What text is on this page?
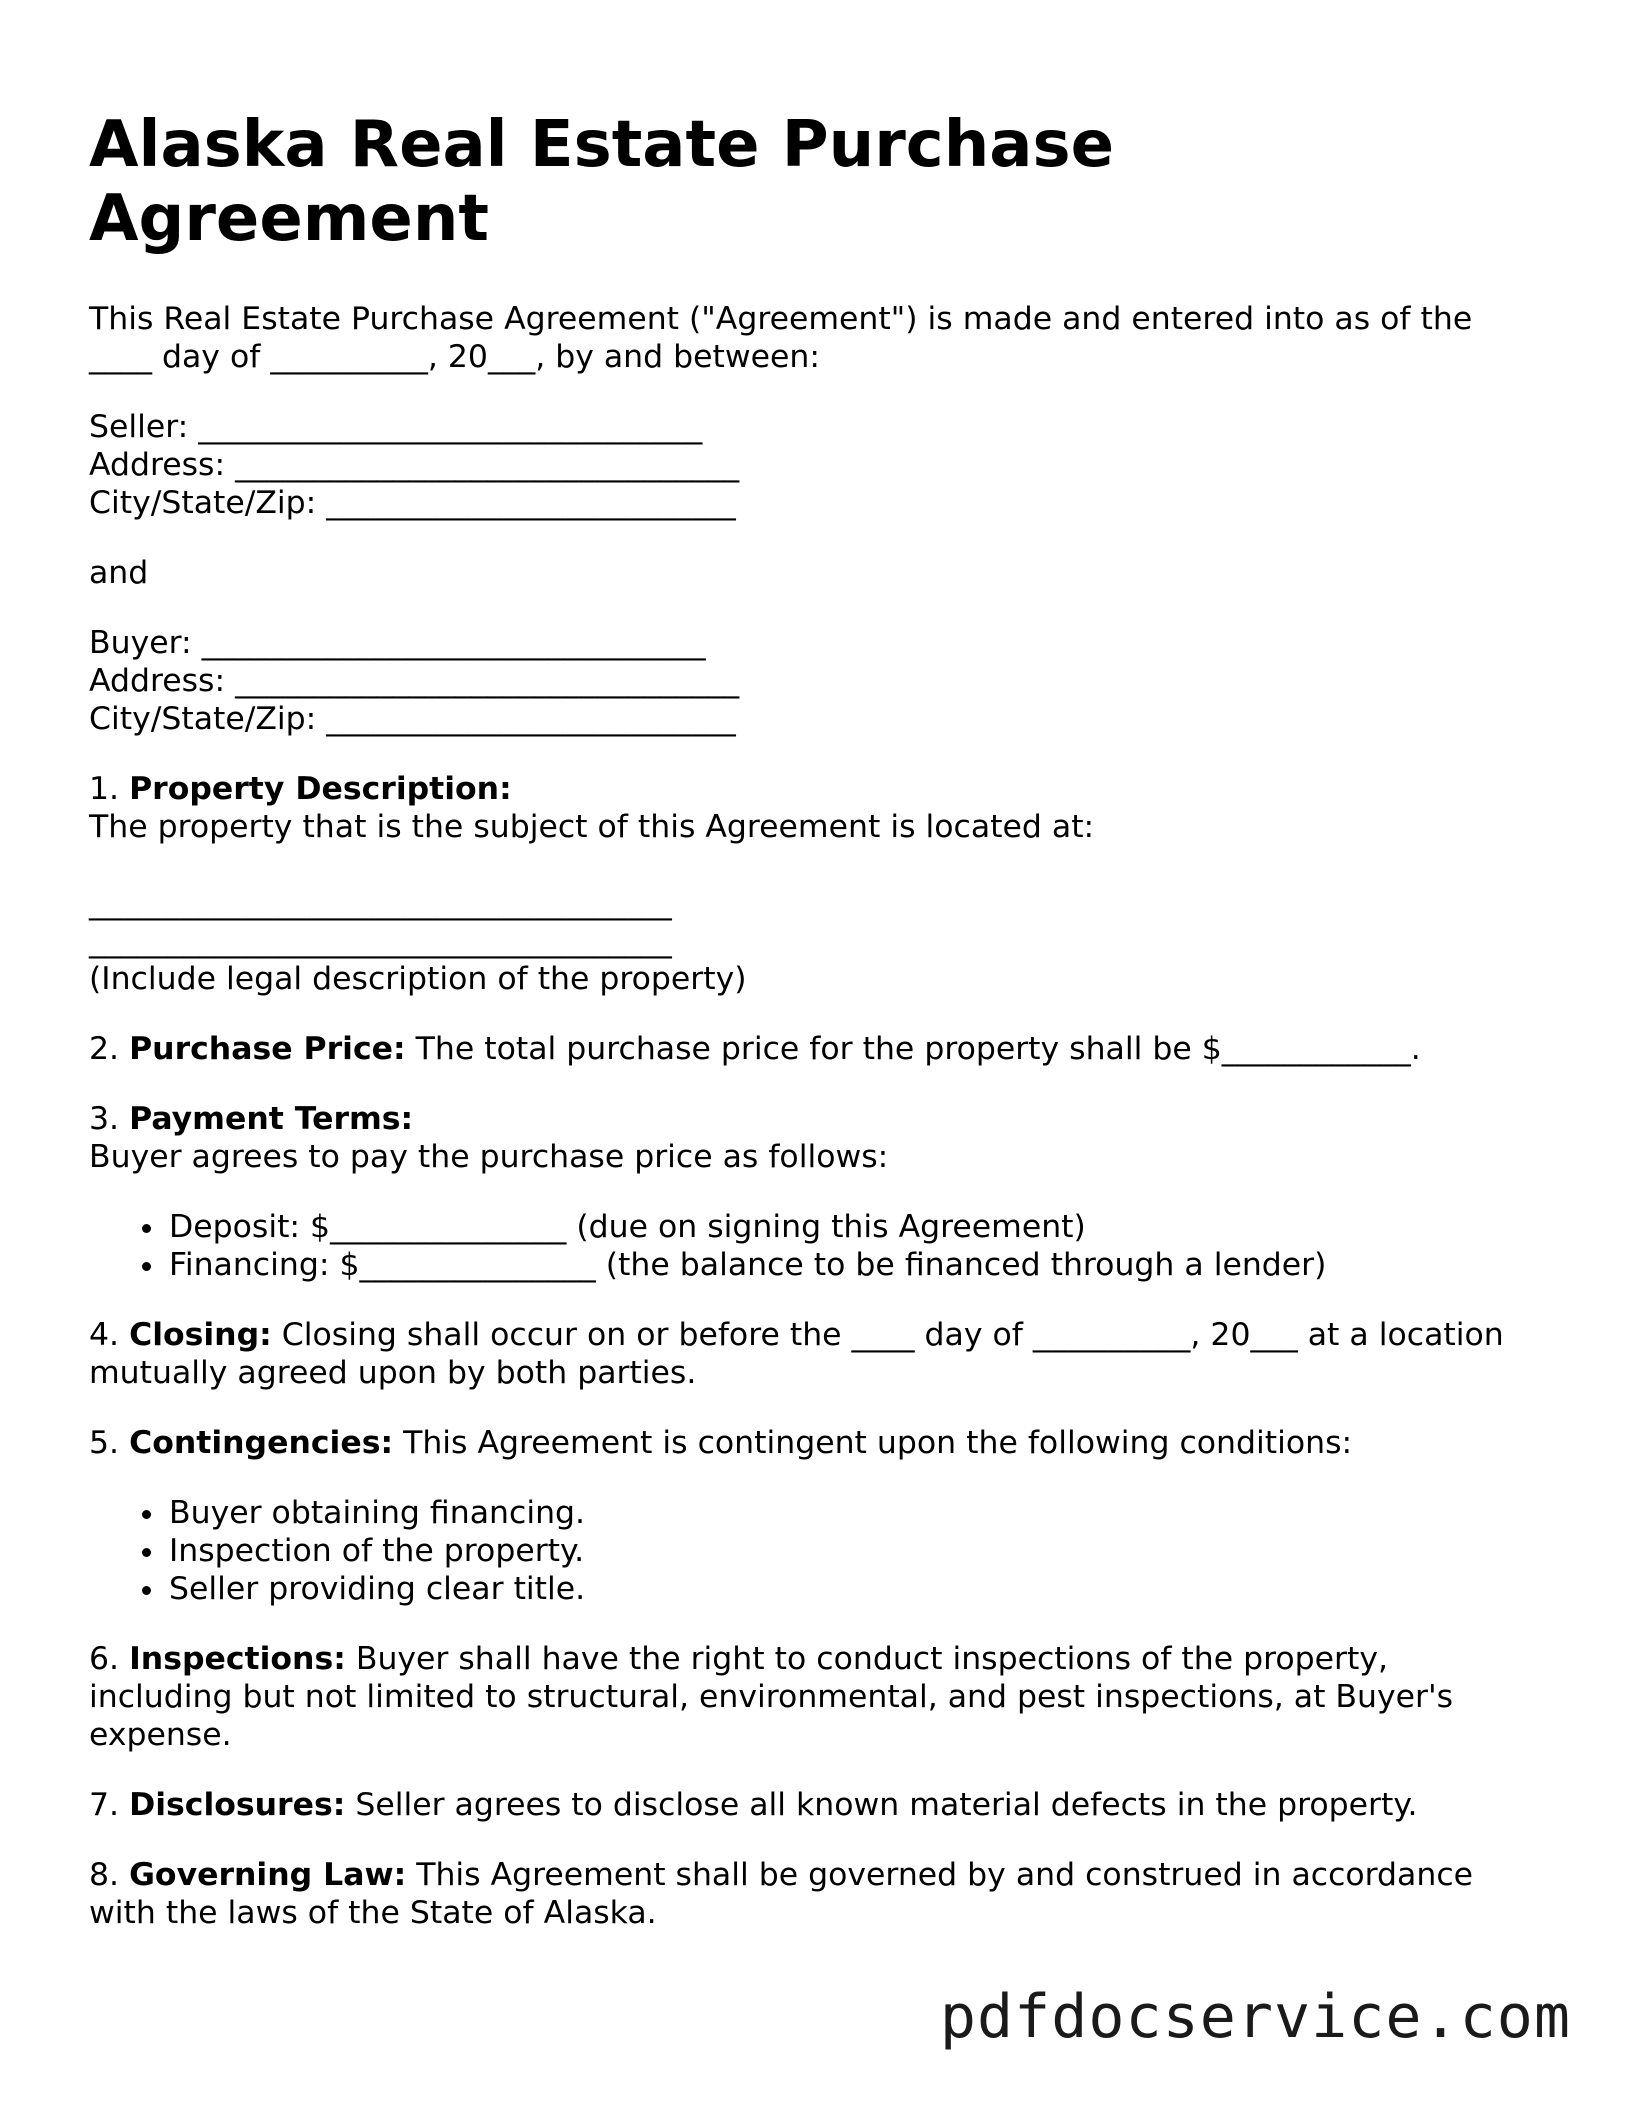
Alaska Real Estate Purchase Agreement

This Real Estate Purchase Agreement ("Agreement") is made and entered into as of the
____ day of __________, 20___, by and between:

Seller: ________________________________
Address: ________________________________
City/State/Zip: __________________________

and

Buyer: ________________________________
Address: ________________________________
City/State/Zip: __________________________

1. Property Description:
The property that is the subject of this Agreement is located at:

_____________________________________
_____________________________________
(Include legal description of the property)

2. Purchase Price: The total purchase price for the property shall be $____________.

3. Payment Terms:
Buyer agrees to pay the purchase price as follows:

Deposit: $_______________ (due on signing this Agreement)
Financing: $_______________ (the balance to be financed through a lender)

4. Closing: Closing shall occur on or before the ____ day of __________, 20___ at a location
mutually agreed upon by both parties.

5. Contingencies: This Agreement is contingent upon the following conditions:

Buyer obtaining financing.
Inspection of the property.
Seller providing clear title.

6. Inspections: Buyer shall have the right to conduct inspections of the property,
including but not limited to structural, environmental, and pest inspections, at Buyer's
expense.

7. Disclosures: Seller agrees to disclose all known material defects in the property.

8. Governing Law: This Agreement shall be governed by and construed in accordance
with the laws of the State of Alaska.

pdfdocservice.com
